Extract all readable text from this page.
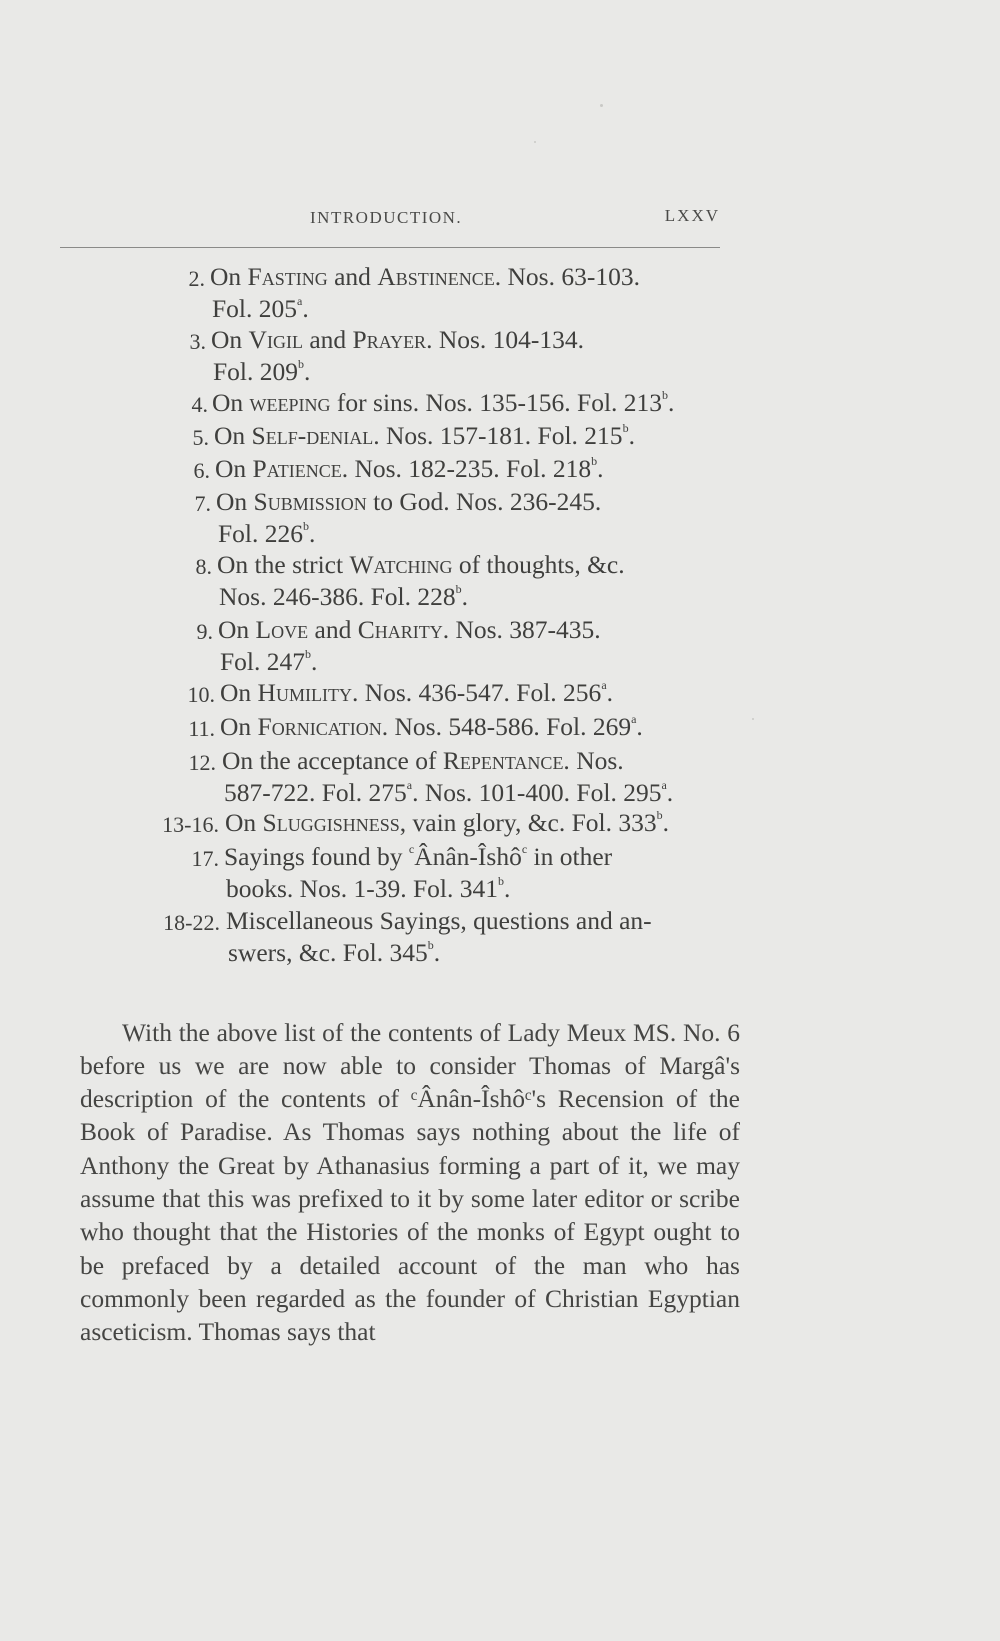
INTRODUCTION.	LXXV
2. On Fasting and Abstinence. Nos. 63-103.
Fol. 205$^a$.
3. On Vigil and Prayer. Nos. 104-134.
Fol. 209$^b$.
4. On weeping for sins. Nos. 135-156. Fol. 213$^b$.
5. On Self-denial. Nos. 157-181. Fol. 215$^b$.
6. On Patience. Nos. 182-235. Fol. 218$^b$.
7. On Submission to God. Nos. 236-245.
Fol. 226$^b$.
8. On the strict Watching of thoughts, &c.
Nos. 246-386. Fol. 228$^b$.
9. On Love and Charity. Nos. 387-435.
Fol. 247$^b$.
10. On Humility. Nos. 436-547. Fol. 256$^a$.
11. On Fornication. Nos. 548-586. Fol. 269$^a$.
12. On the acceptance of Repentance. Nos.
587-722. Fol. 275$^a$. Nos. 101-400. Fol. 295$^a$.
13-16. On Sluggishness, vain glory, &c. Fol. 333$^b$.
17. Sayings found by $^c$Ânân-Îshô$^c$ in other
books. Nos. 1-39. Fol. 341$^b$.
18-22. Miscellaneous Sayings, questions and an-
swers, &c. Fol. 345$^b$.

With the above list of the contents of Lady Meux MS. No. 6 before us we are now able to consider Thomas of Margâ's description of the contents of ᶜÂnân-Îshôᶜ's Recension of the Book of Paradise. As Thomas says nothing about the life of Anthony the Great by Athanasius forming a part of it, we may assume that this was prefixed to it by some later editor or scribe who thought that the Histories of the monks of Egypt ought to be prefaced by a detailed account of the man who has commonly been regarded as the founder of Christian Egyptian asceticism. Thomas says that
